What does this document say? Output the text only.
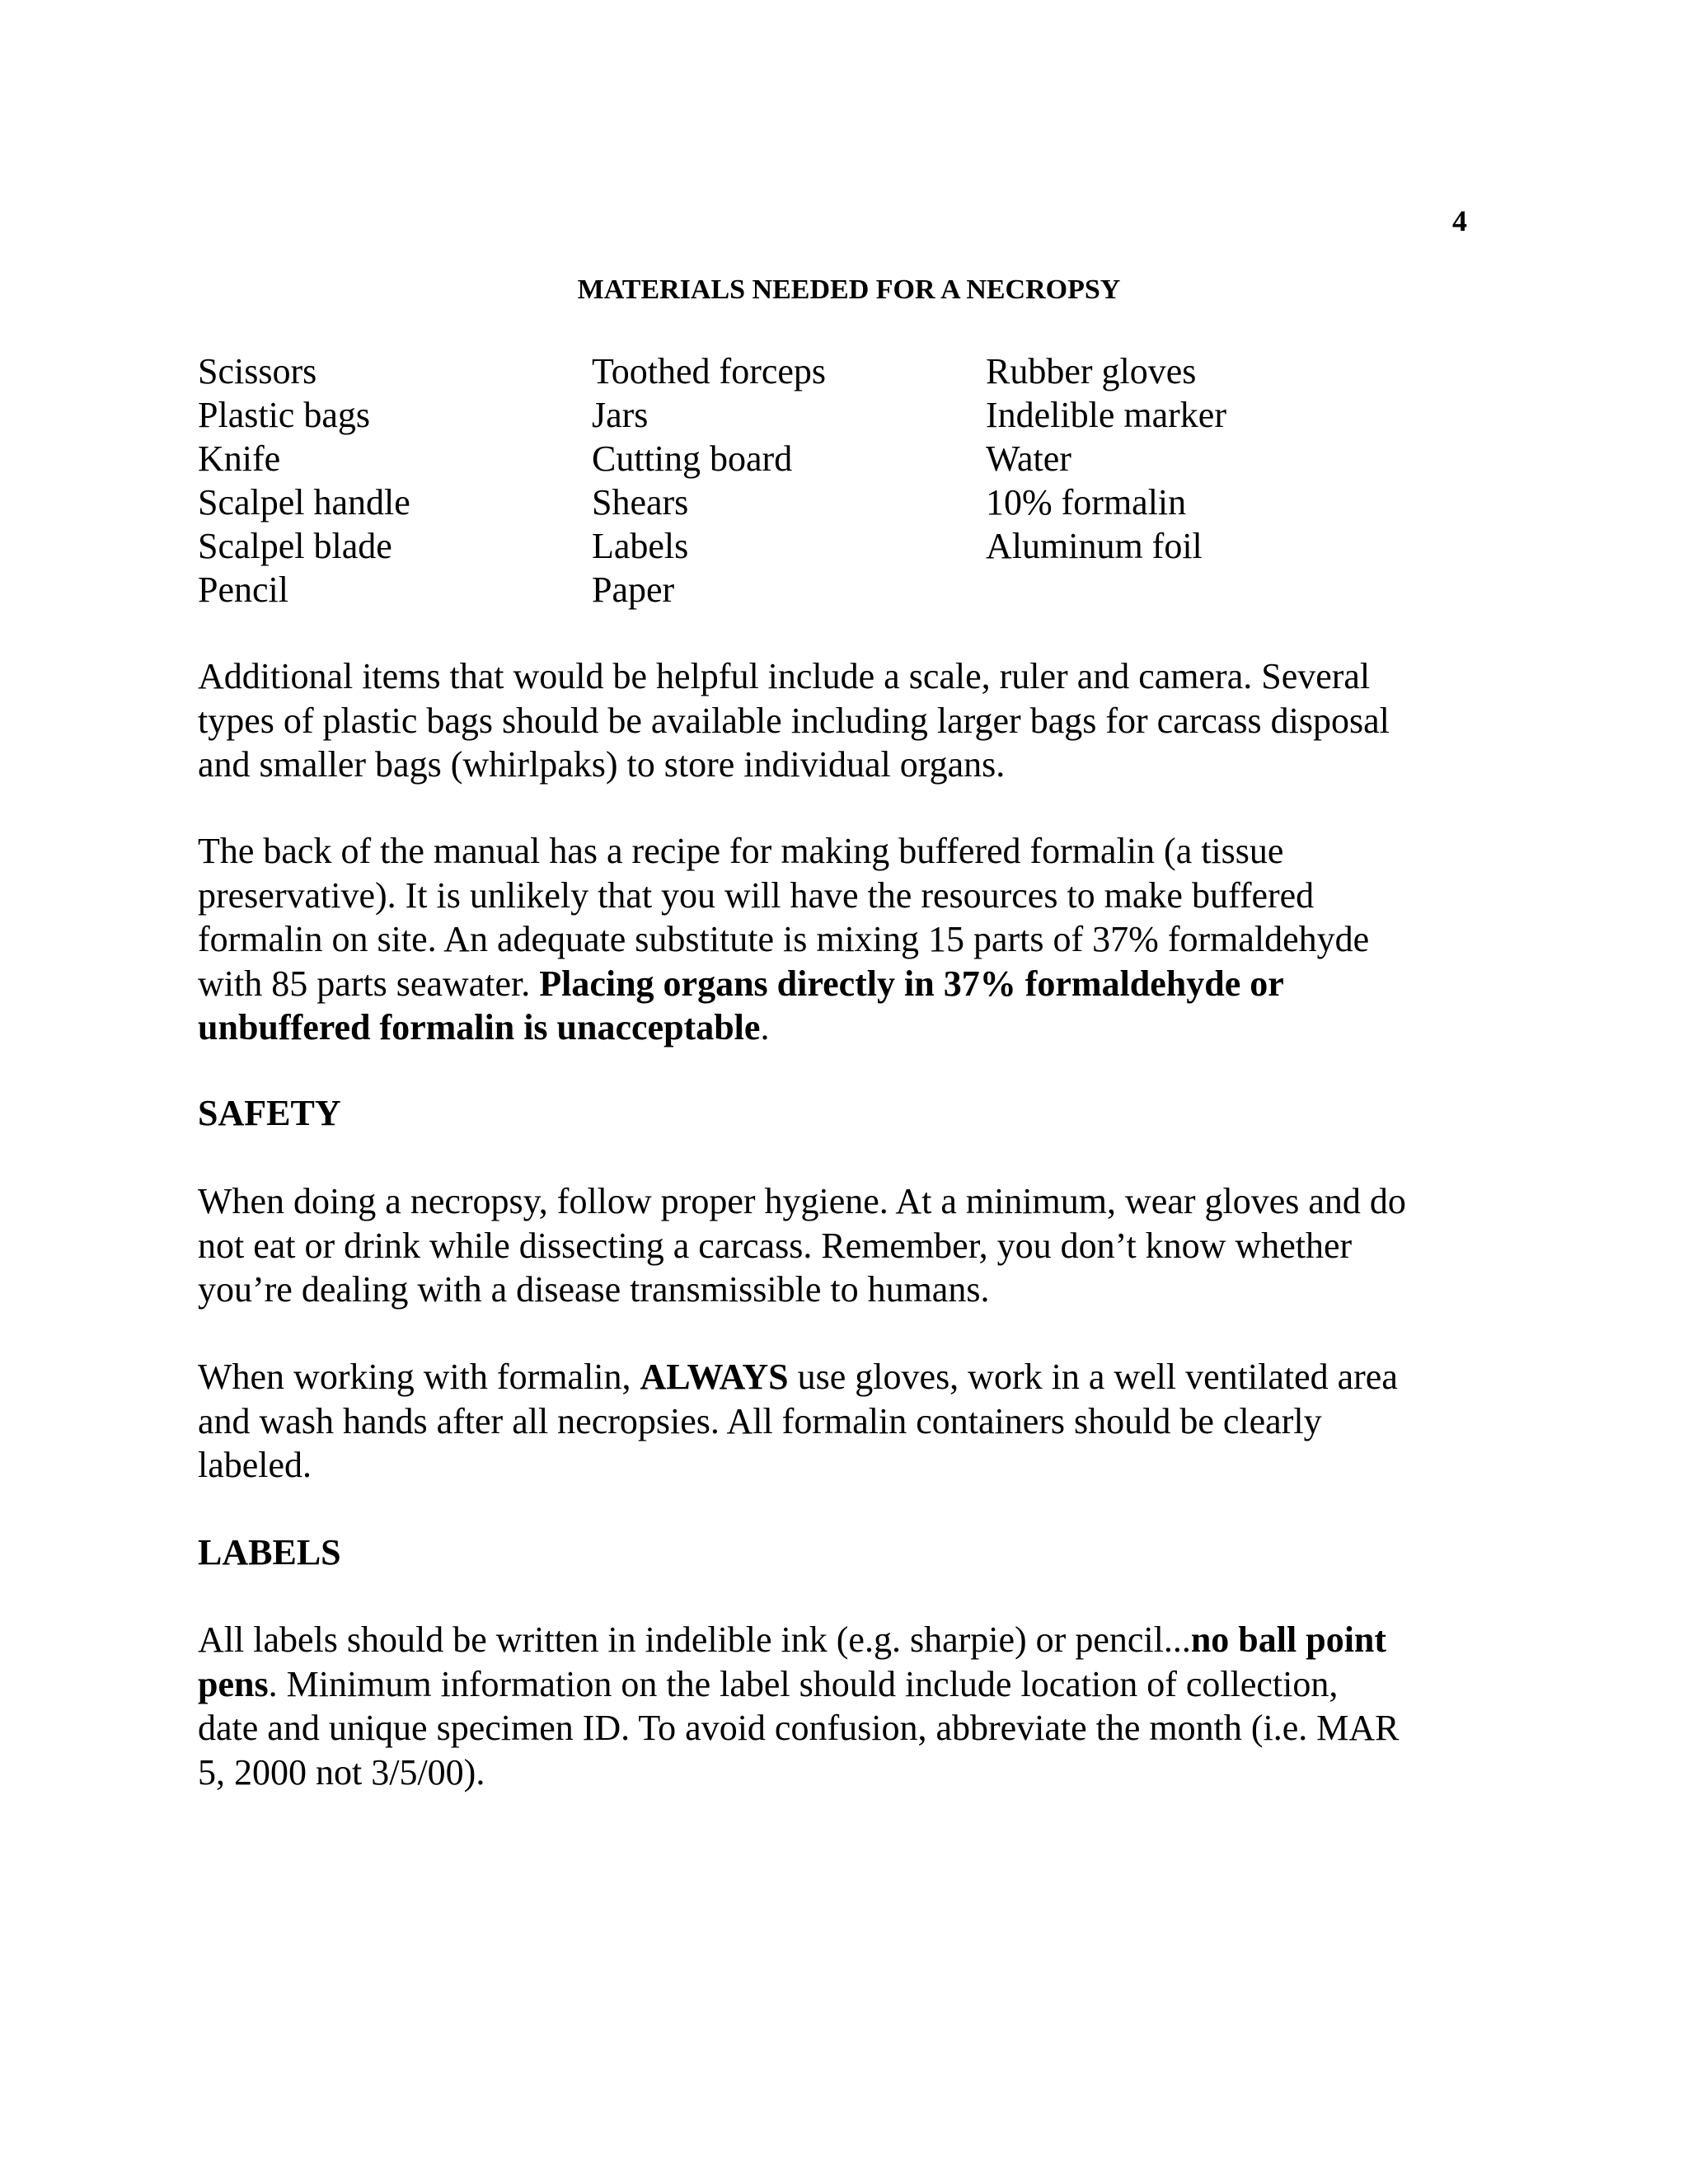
4
MATERIALS NEEDED FOR A NECROPSY
Scissors
Plastic bags
Knife
Scalpel handle
Scalpel blade
Pencil
Toothed forceps
Jars
Cutting board
Shears
Labels
Paper
Rubber gloves
Indelible marker
Water
10% formalin
Aluminum foil

Additional items that would be helpful include a scale, ruler and camera. Several
types of plastic bags should be available including larger bags for carcass disposal
and smaller bags (whirlpaks) to store individual organs.

The back of the manual has a recipe for making buffered formalin (a tissue
preservative). It is unlikely that you will have the resources to make buffered
formalin on site. An adequate substitute is mixing 15 parts of 37% formaldehyde
with 85 parts seawater. Placing organs directly in 37% formaldehyde or
unbuffered formalin is unacceptable.

SAFETY

When doing a necropsy, follow proper hygiene. At a minimum, wear gloves and do
not eat or drink while dissecting a carcass. Remember, you don’t know whether
you’re dealing with a disease transmissible to humans.

When working with formalin, ALWAYS use gloves, work in a well ventilated area
and wash hands after all necropsies. All formalin containers should be clearly
labeled.

LABELS

All labels should be written in indelible ink (e.g. sharpie) or pencil...no ball point
pens. Minimum information on the label should include location of collection,
date and unique specimen ID. To avoid confusion, abbreviate the month (i.e. MAR
5, 2000 not 3/5/00).
